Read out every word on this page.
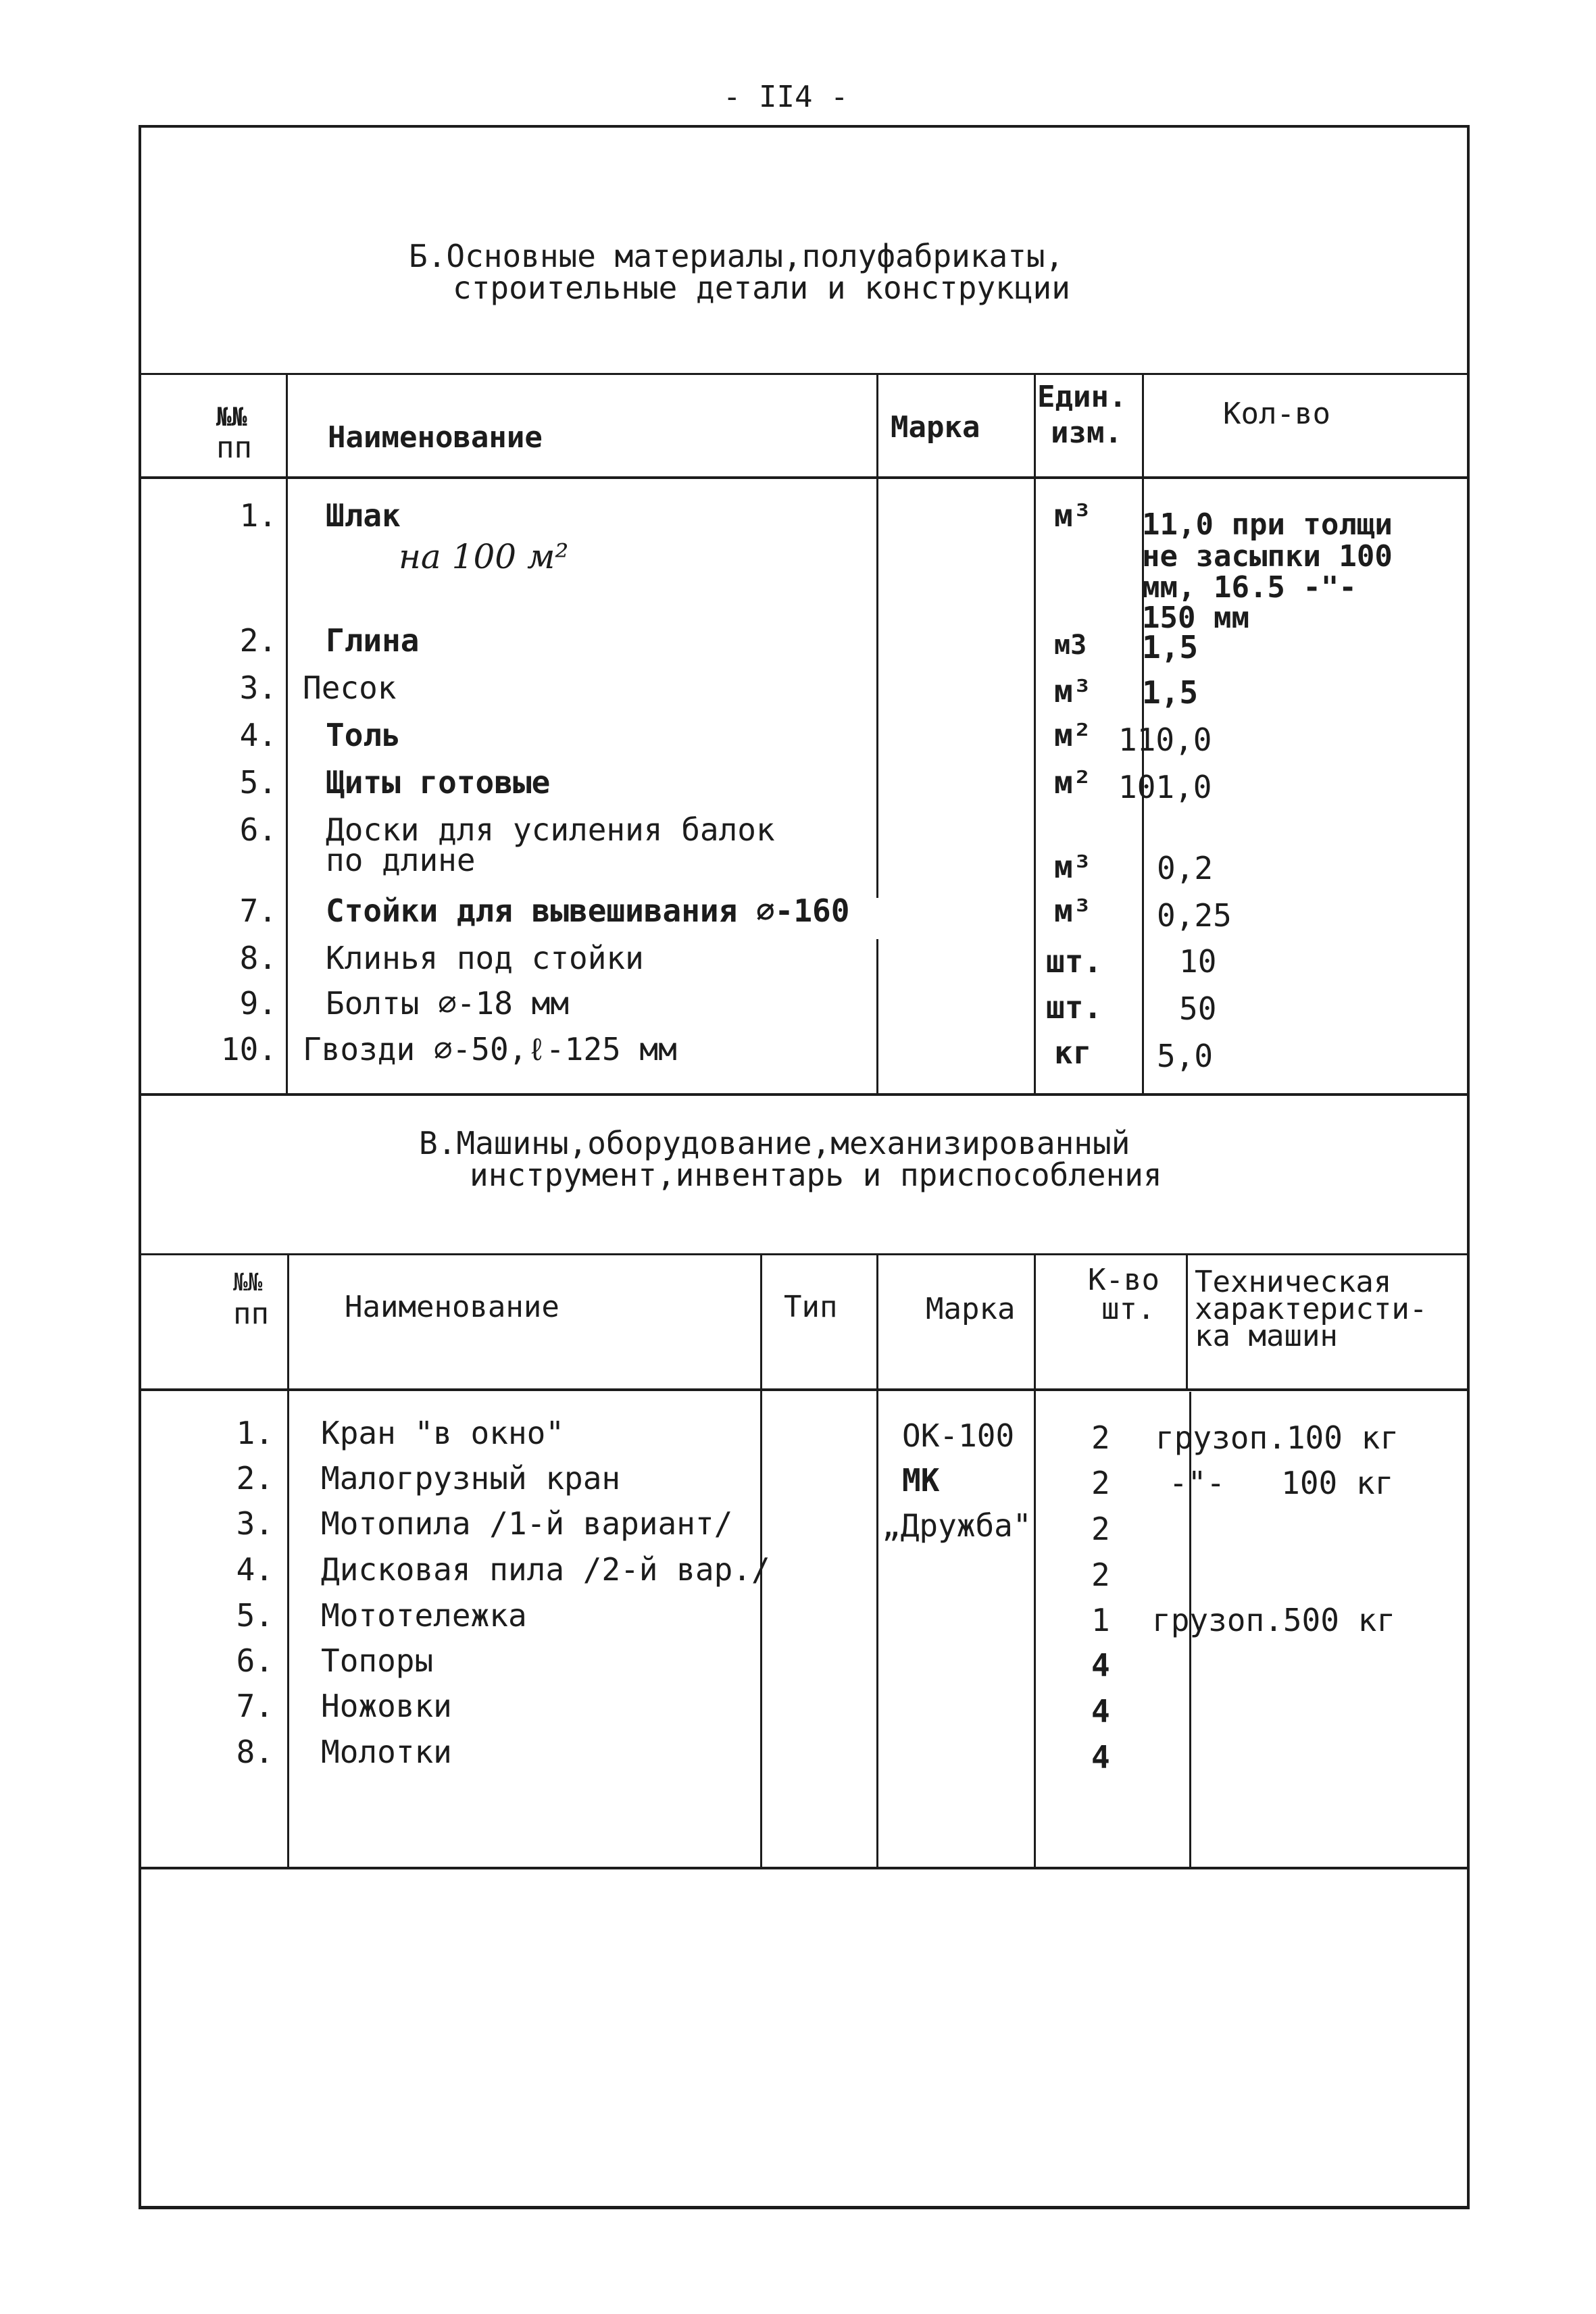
- II4 -
Б.Основные материалы,полуфабрикаты,
строительные детали и конструкции
№№
пп	Наименование	Марка
Един.
изм.
Кол-во
1. Шлак
на 100 м²
м³ 11,0 при толщи
не засыпки 100
мм, 16.5 -"-
150 мм
2. Глина	м3 1,5
3. Песок	м³ 1,5
4. Толь	м² 110,0
5. Щиты готовые	м² 101,0
6. Доски для усиления балок
по длине	м³ 0,2
7. Стойки для вывешивания ∅-160	м³ 0,25
8. Клинья под стойки	шт. 10
9. Болты ∅-18 мм	шт. 50
10. Гвозди ∅-50,ℓ-125 мм	кг 5,0
В.Машины,оборудование,механизированный
инструмент,инвентарь и приспособления
№№
пп	Наименование	Тип	Марка
К-во
шт.
Техническая
характеристи-
ка машин
1. Кран "в окно"	ОК-100 2 грузоп.100 кг
2. Малогрузный кран	МК	2 -"-   100 кг
3. Мотопила /1-й вариант/	„Дружба" 2
4. Дисковая пила /2-й вар./	2
5. Мототележка	1 грузоп.500 кг
6. Топоры	4
7. Ножовки	4
8. Молотки	4
